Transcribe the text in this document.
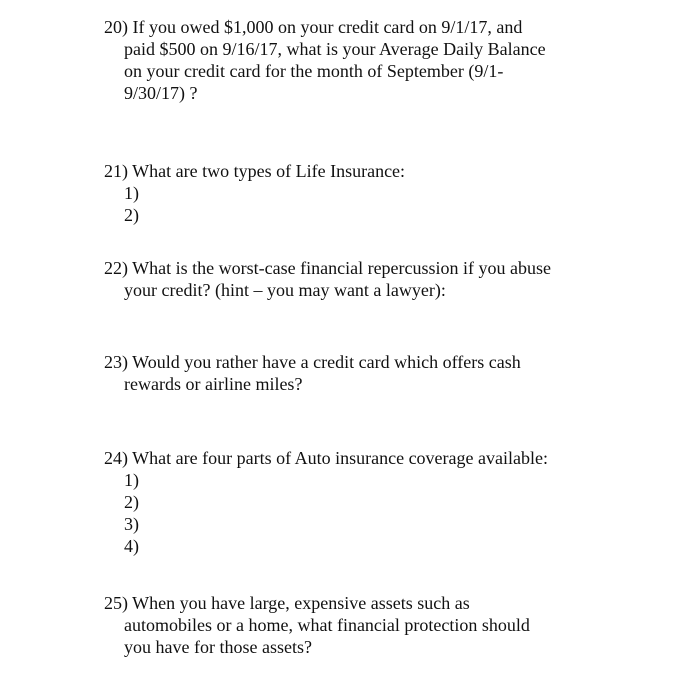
20) If you owed $1,000 on your credit card on 9/1/17, and
paid $500 on 9/16/17, what is your Average Daily Balance
on your credit card for the month of September (9/1-
9/30/17) ?
21) What are two types of Life Insurance:
1)
2)
22) What is the worst-case financial repercussion if you abuse
your credit? (hint – you may want a lawyer):
23) Would you rather have a credit card which offers cash
rewards or airline miles?
24) What are four parts of Auto insurance coverage available:
1)
2)
3)
4)
25) When you have large, expensive assets such as
automobiles or a home, what financial protection should
you have for those assets?
